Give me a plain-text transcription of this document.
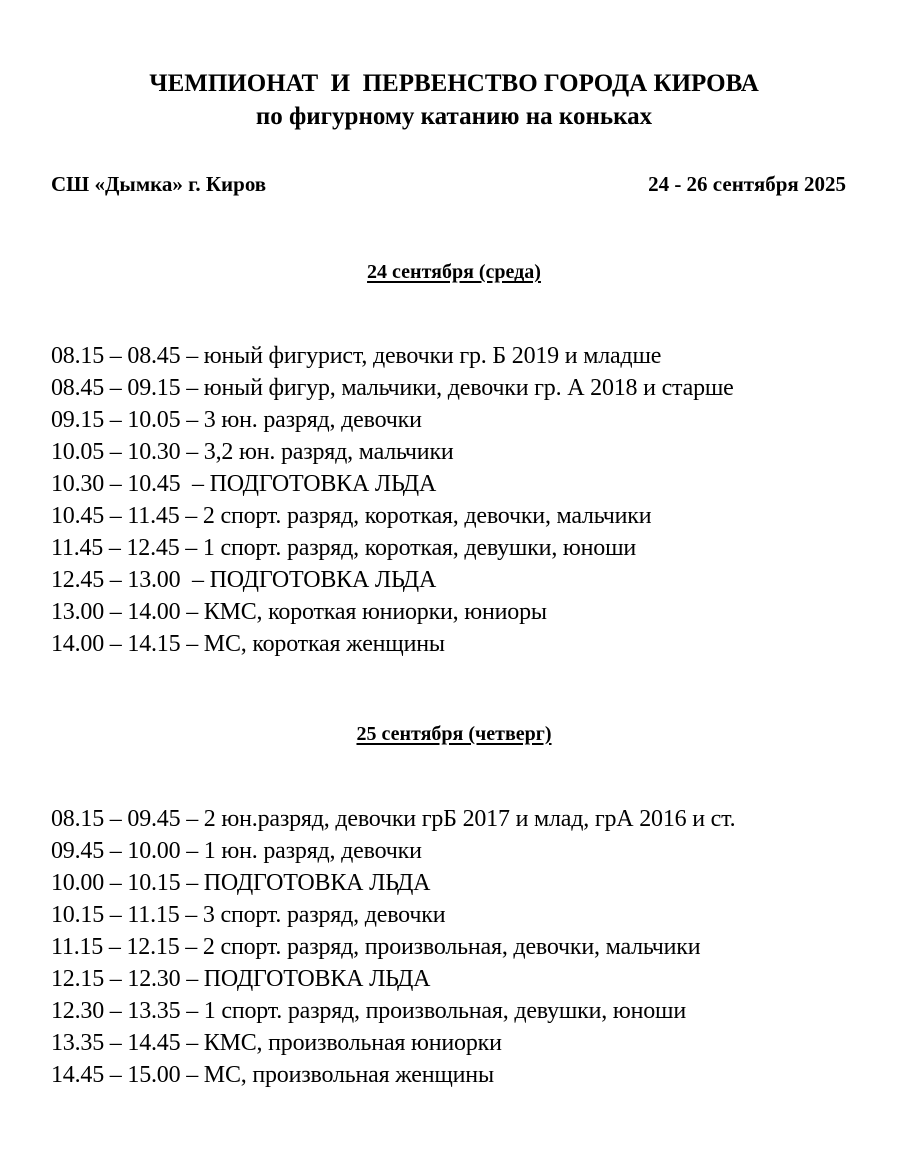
ЧЕМПИОНАТ  И  ПЕРВЕНСТВО ГОРОДА КИРОВА
по фигурному катанию на коньках
СШ «Дымка» г. Киров	24 - 26 сентября 2025
24 сентября (среда)
08.15 – 08.45 – юный фигурист, девочки гр. Б 2019 и младше
08.45 – 09.15 – юный фигур, мальчики, девочки гр. А 2018 и старше
09.15 – 10.05 – 3 юн. разряд, девочки
10.05 – 10.30 – 3,2 юн. разряд, мальчики
10.30 – 10.45  – ПОДГОТОВКА ЛЬДА
10.45 – 11.45 – 2 спорт. разряд, короткая, девочки, мальчики
11.45 – 12.45 – 1 спорт. разряд, короткая, девушки, юноши
12.45 – 13.00  – ПОДГОТОВКА ЛЬДА
13.00 – 14.00 – КМС, короткая юниорки, юниоры
14.00 – 14.15 – МС, короткая женщины
25 сентября (четверг)
08.15 – 09.45 – 2 юн.разряд, девочки грБ 2017 и млад, грА 2016 и ст.
09.45 – 10.00 – 1 юн. разряд, девочки
10.00 – 10.15 – ПОДГОТОВКА ЛЬДА
10.15 – 11.15 – 3 спорт. разряд, девочки
11.15 – 12.15 – 2 спорт. разряд, произвольная, девочки, мальчики
12.15 – 12.30 – ПОДГОТОВКА ЛЬДА
12.30 – 13.35 – 1 спорт. разряд, произвольная, девушки, юноши
13.35 – 14.45 – КМС, произвольная юниорки
14.45 – 15.00 – МС, произвольная женщины
